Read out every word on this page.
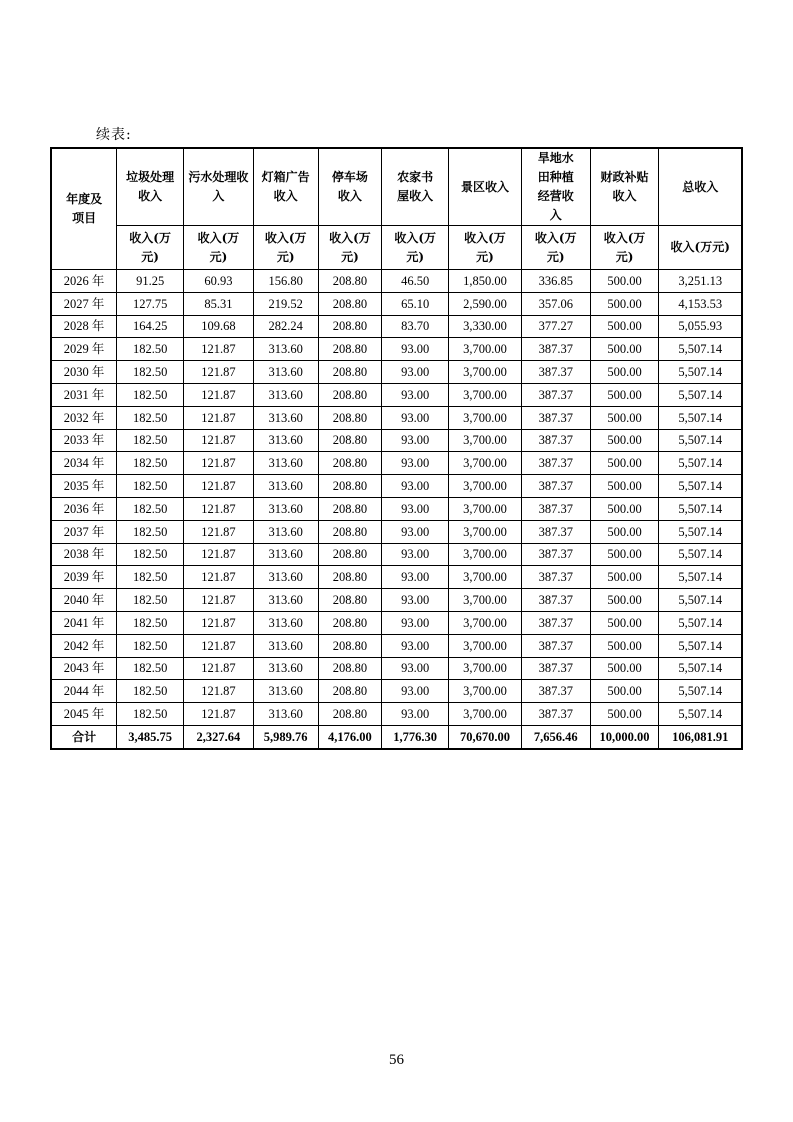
续表:
年度及项目	垃圾处理收入	污水处理收入	灯箱广告收入	停车场收入	农家书屋收入	景区收入	旱地水田种植经营收入	财政补贴收入	总收入

	收入(万元)	收入(万元)	收入(万元)	收入(万元)	收入(万元)	收入(万元)	收入(万元)	收入(万元)	收入(万元)

2026 年	91.25	60.93	156.80	208.80	46.50	1,850.00	336.85	500.00	3,251.13
2027 年	127.75	85.31	219.52	208.80	65.10	2,590.00	357.06	500.00	4,153.53
2028 年	164.25	109.68	282.24	208.80	83.70	3,330.00	377.27	500.00	5,055.93
2029 年	182.50	121.87	313.60	208.80	93.00	3,700.00	387.37	500.00	5,507.14
2030 年	182.50	121.87	313.60	208.80	93.00	3,700.00	387.37	500.00	5,507.14
2031 年	182.50	121.87	313.60	208.80	93.00	3,700.00	387.37	500.00	5,507.14
2032 年	182.50	121.87	313.60	208.80	93.00	3,700.00	387.37	500.00	5,507.14
2033 年	182.50	121.87	313.60	208.80	93.00	3,700.00	387.37	500.00	5,507.14
2034 年	182.50	121.87	313.60	208.80	93.00	3,700.00	387.37	500.00	5,507.14
2035 年	182.50	121.87	313.60	208.80	93.00	3,700.00	387.37	500.00	5,507.14
2036 年	182.50	121.87	313.60	208.80	93.00	3,700.00	387.37	500.00	5,507.14
2037 年	182.50	121.87	313.60	208.80	93.00	3,700.00	387.37	500.00	5,507.14
2038 年	182.50	121.87	313.60	208.80	93.00	3,700.00	387.37	500.00	5,507.14
2039 年	182.50	121.87	313.60	208.80	93.00	3,700.00	387.37	500.00	5,507.14
2040 年	182.50	121.87	313.60	208.80	93.00	3,700.00	387.37	500.00	5,507.14
2041 年	182.50	121.87	313.60	208.80	93.00	3,700.00	387.37	500.00	5,507.14
2042 年	182.50	121.87	313.60	208.80	93.00	3,700.00	387.37	500.00	5,507.14
2043 年	182.50	121.87	313.60	208.80	93.00	3,700.00	387.37	500.00	5,507.14
2044 年	182.50	121.87	313.60	208.80	93.00	3,700.00	387.37	500.00	5,507.14
2045 年	182.50	121.87	313.60	208.80	93.00	3,700.00	387.37	500.00	5,507.14
合计	3,485.75	2,327.64	5,989.76	4,176.00	1,776.30	70,670.00	7,656.46	10,000.00	106,081.91
56
